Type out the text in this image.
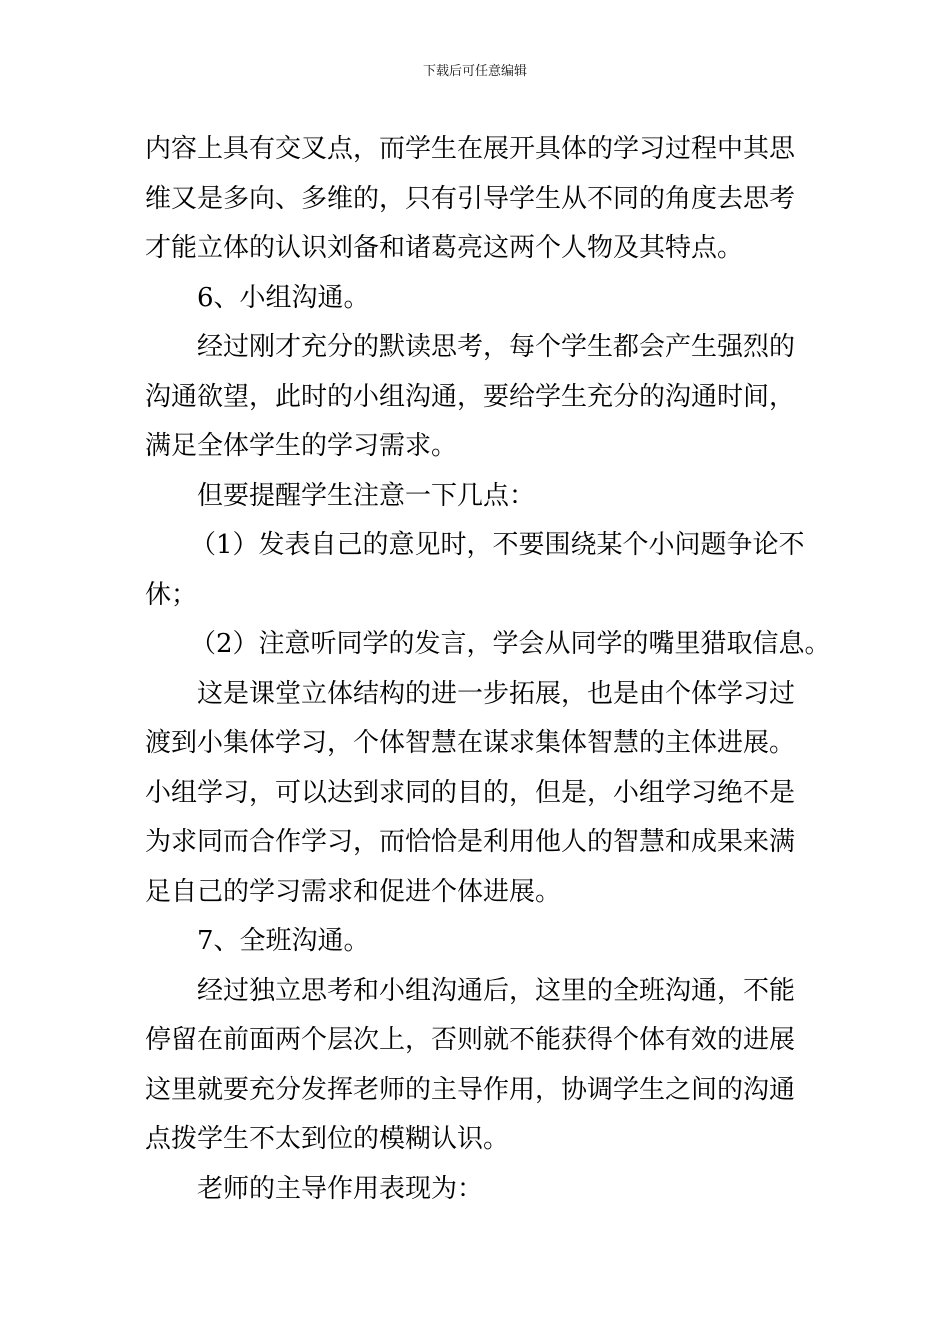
下载后可任意编辑
内容上具有交叉点，而学生在展开具体的学习过程中其思
维又是多向、多维的，只有引导学生从不同的角度去思考
才能立体的认识刘备和诸葛亮这两个人物及其特点。
6、小组沟通。
经过刚才充分的默读思考，每个学生都会产生强烈的
沟通欲望，此时的小组沟通，要给学生充分的沟通时间，
满足全体学生的学习需求。
但要提醒学生注意一下几点：
（1）发表自己的意见时，不要围绕某个小问题争论不
休；
（2）注意听同学的发言，学会从同学的嘴里猎取信息。
这是课堂立体结构的进一步拓展，也是由个体学习过
渡到小集体学习，个体智慧在谋求集体智慧的主体进展。
小组学习，可以达到求同的目的，但是，小组学习绝不是
为求同而合作学习，而恰恰是利用他人的智慧和成果来满
足自己的学习需求和促进个体进展。
7、全班沟通。
经过独立思考和小组沟通后，这里的全班沟通，不能
停留在前面两个层次上，否则就不能获得个体有效的进展
这里就要充分发挥老师的主导作用，协调学生之间的沟通
点拨学生不太到位的模糊认识。
老师的主导作用表现为：
